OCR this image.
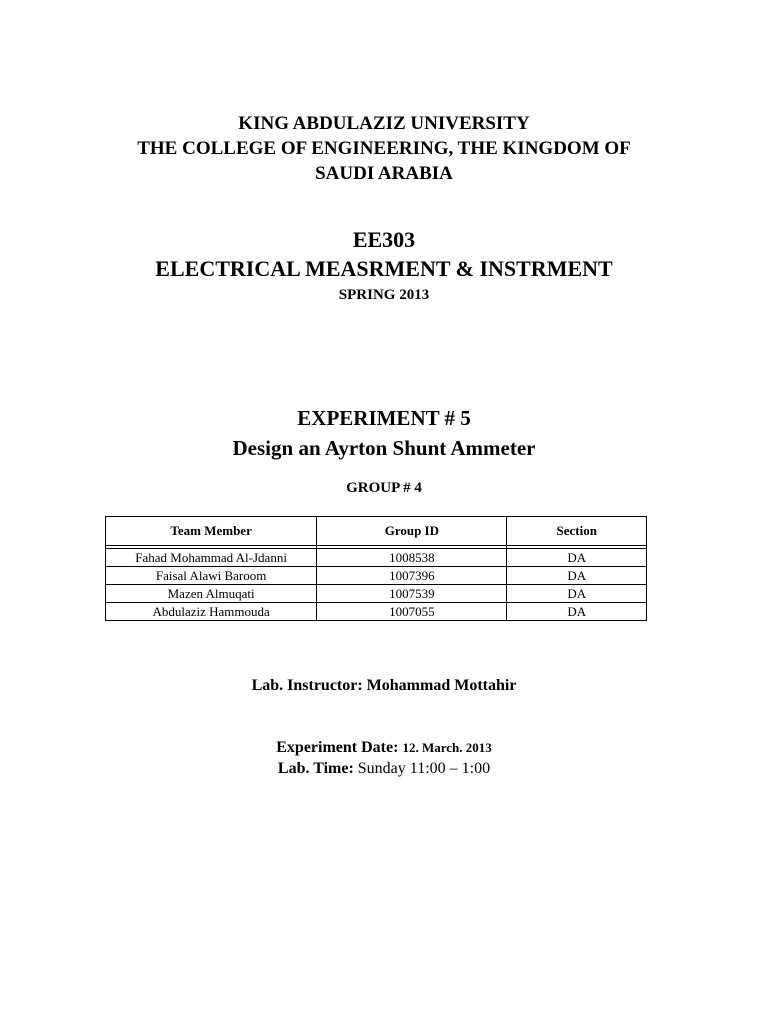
KING ABDULAZIZ UNIVERSITY
THE COLLEGE OF ENGINEERING, THE KINGDOM OF
SAUDI ARABIA
EE303
ELECTRICAL MEASRMENT & INSTRMENT
SPRING 2013
EXPERIMENT # 5
Design an Ayrton Shunt Ammeter
GROUP # 4
Team Member	Group ID	Section

Fahad Mohammad Al-Jdanni	1008538	DA
Faisal Alawi Baroom	1007396	DA
Mazen Almuqati	1007539	DA
Abdulaziz Hammouda	1007055	DA
Lab. Instructor: Mohammad Mottahir
Experiment Date: 12. March. 2013
Lab. Time: Sunday 11:00 – 1:00
